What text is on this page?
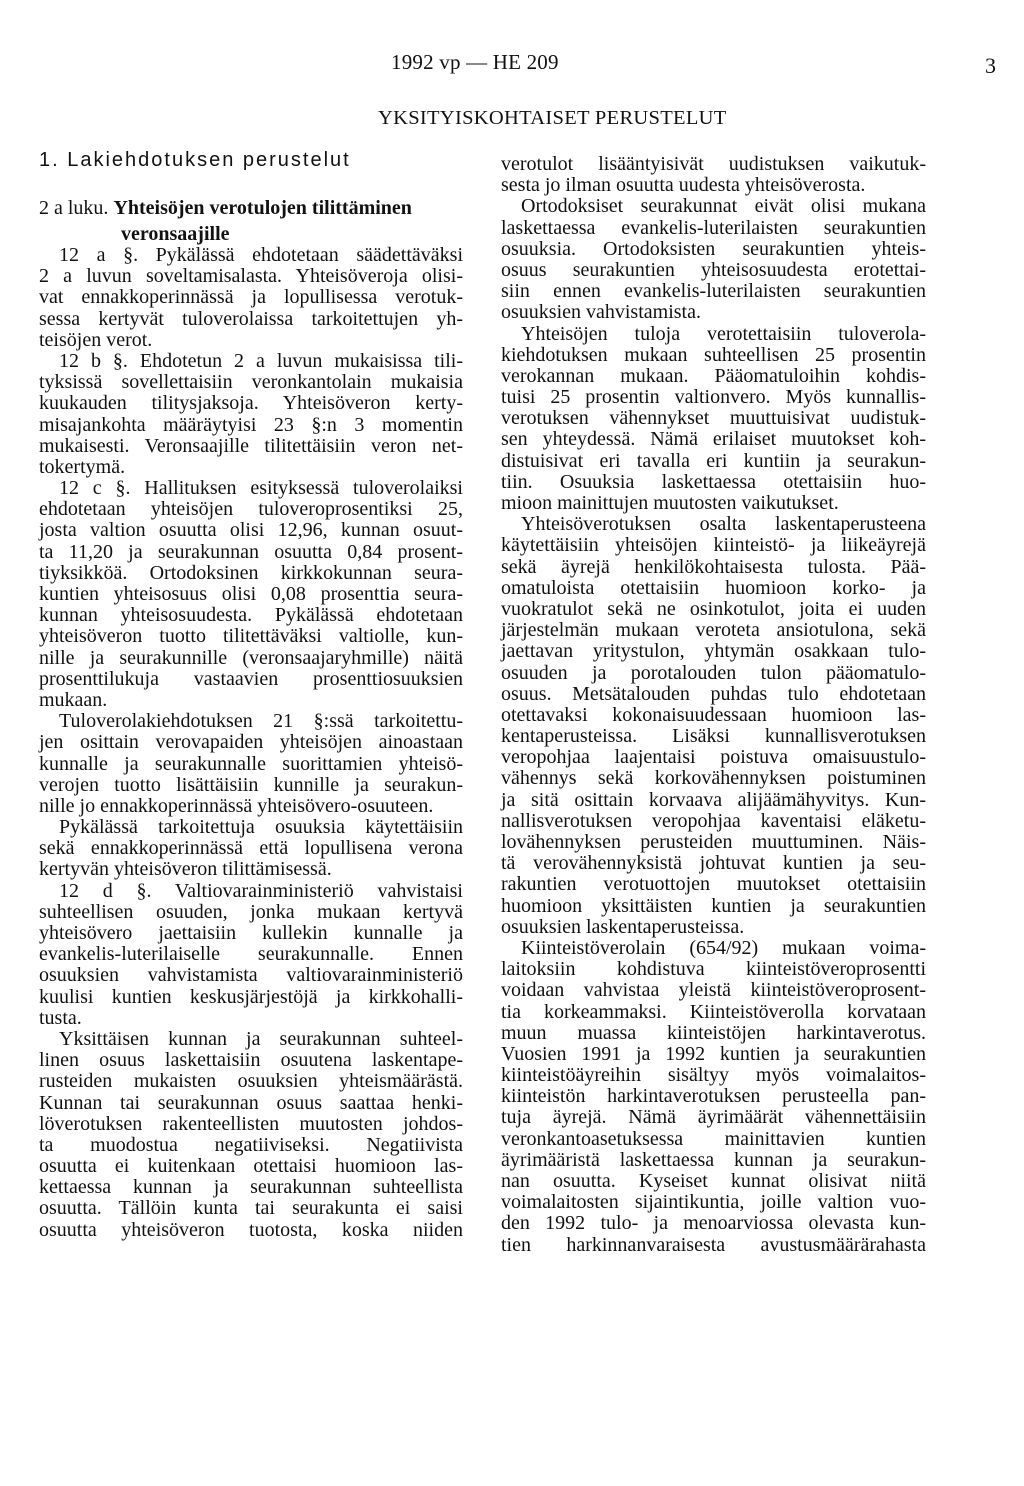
1992 vp — HE 209	3
YKSITYISKOHTAISET PERUSTELUT
1. Lakiehdotuksen perustelut
2 a luku. Yhteisöjen verotulojen tilittäminen
veronsaajille
12 a §. Pykälässä ehdotetaan säädettäväksi
2 a luvun soveltamisalasta. Yhteisöveroja olisi-
vat ennakkoperinnässä ja lopullisessa verotuk-
sessa kertyvät tuloverolaissa tarkoitettujen yh-
teisöjen verot.
12 b §. Ehdotetun 2 a luvun mukaisissa tili-
tyksissä sovellettaisiin veronkantolain mukaisia
kuukauden tilitysjaksoja. Yhteisöveron kerty-
misajankohta määräytyisi 23 §:n 3 momentin
mukaisesti. Veronsaajille tilitettäisiin veron net-
tokertymä.
12 c §. Hallituksen esityksessä tuloverolaiksi
ehdotetaan yhteisöjen tuloveroprosentiksi 25,
josta valtion osuutta olisi 12,96, kunnan osuut-
ta 11,20 ja seurakunnan osuutta 0,84 prosent-
tiyksikköä. Ortodoksinen kirkkokunnan seura-
kuntien yhteisosuus olisi 0,08 prosenttia seura-
kunnan yhteisosuudesta. Pykälässä ehdotetaan
yhteisöveron tuotto tilitettäväksi valtiolle, kun-
nille ja seurakunnille (veronsaajaryhmille) näitä
prosenttilukuja vastaavien prosenttiosuuksien
mukaan.
Tuloverolakiehdotuksen 21 §:ssä tarkoitettu-
jen osittain verovapaiden yhteisöjen ainoastaan
kunnalle ja seurakunnalle suorittamien yhteisö-
verojen tuotto lisättäisiin kunnille ja seurakun-
nille jo ennakkoperinnässä yhteisövero-osuuteen.
Pykälässä tarkoitettuja osuuksia käytettäisiin
sekä ennakkoperinnässä että lopullisena verona
kertyvän yhteisöveron tilittämisessä.
12 d §. Valtiovarainministeriö vahvistaisi
suhteellisen osuuden, jonka mukaan kertyvä
yhteisövero jaettaisiin kullekin kunnalle ja
evankelis-luterilaiselle seurakunnalle. Ennen
osuuksien vahvistamista valtiovarainministeriö
kuulisi kuntien keskusjärjestöjä ja kirkkohalli-
tusta.
Yksittäisen kunnan ja seurakunnan suhteel-
linen osuus laskettaisiin osuutena laskentape-
rusteiden mukaisten osuuksien yhteismäärästä.
Kunnan tai seurakunnan osuus saattaa henki-
löverotuksen rakenteellisten muutosten johdos-
ta muodostua negatiiviseksi. Negatiivista
osuutta ei kuitenkaan otettaisi huomioon las-
kettaessa kunnan ja seurakunnan suhteellista
osuutta. Tällöin kunta tai seurakunta ei saisi
osuutta yhteisöveron tuotosta, koska niiden
verotulot lisääntyisivät uudistuksen vaikutuk-
sesta jo ilman osuutta uudesta yhteisöverosta.
Ortodoksiset seurakunnat eivät olisi mukana
laskettaessa evankelis-luterilaisten seurakuntien
osuuksia. Ortodoksisten seurakuntien yhteis-
osuus seurakuntien yhteisosuudesta erotettai-
siin ennen evankelis-luterilaisten seurakuntien
osuuksien vahvistamista.
Yhteisöjen tuloja verotettaisiin tuloverola-
kiehdotuksen mukaan suhteellisen 25 prosentin
verokannan mukaan. Pääomatuloihin kohdis-
tuisi 25 prosentin valtionvero. Myös kunnallis-
verotuksen vähennykset muuttuisivat uudistuk-
sen yhteydessä. Nämä erilaiset muutokset koh-
distuisivat eri tavalla eri kuntiin ja seurakun-
tiin. Osuuksia laskettaessa otettaisiin huo-
mioon mainittujen muutosten vaikutukset.
Yhteisöverotuksen osalta laskentaperusteena
käytettäisiin yhteisöjen kiinteistö- ja liikeäyrejä
sekä äyrejä henkilökohtaisesta tulosta. Pää-
omatuloista otettaisiin huomioon korko- ja
vuokratulot sekä ne osinkotulot, joita ei uuden
järjestelmän mukaan veroteta ansiotulona, sekä
jaettavan yritystulon, yhtymän osakkaan tulo-
osuuden ja porotalouden tulon pääomatulo-
osuus. Metsätalouden puhdas tulo ehdotetaan
otettavaksi kokonaisuudessaan huomioon las-
kentaperusteissa. Lisäksi kunnallisverotuksen
veropohjaa laajentaisi poistuva omaisuustulo-
vähennys sekä korkovähennyksen poistuminen
ja sitä osittain korvaava alijäämähyvitys. Kun-
nallisverotuksen veropohjaa kaventaisi eläketu-
lovähennyksen perusteiden muuttuminen. Näis-
tä verovähennyksistä johtuvat kuntien ja seu-
rakuntien verotuottojen muutokset otettaisiin
huomioon yksittäisten kuntien ja seurakuntien
osuuksien laskentaperusteissa.
Kiinteistöverolain (654/92) mukaan voima-
laitoksiin kohdistuva kiinteistöveroprosentti
voidaan vahvistaa yleistä kiinteistöveroprosent-
tia korkeammaksi. Kiinteistöverolla korvataan
muun muassa kiinteistöjen harkintaverotus.
Vuosien 1991 ja 1992 kuntien ja seurakuntien
kiinteistöäyreihin sisältyy myös voimalaitos-
kiinteistön harkintaverotuksen perusteella pan-
tuja äyrejä. Nämä äyrimäärät vähennettäisiin
veronkantoasetuksessa mainittavien kuntien
äyrimääristä laskettaessa kunnan ja seurakun-
nan osuutta. Kyseiset kunnat olisivat niitä
voimalaitosten sijaintikuntia, joille valtion vuo-
den 1992 tulo- ja menoarviossa olevasta kun-
tien harkinnanvaraisesta avustusmäärärahasta
